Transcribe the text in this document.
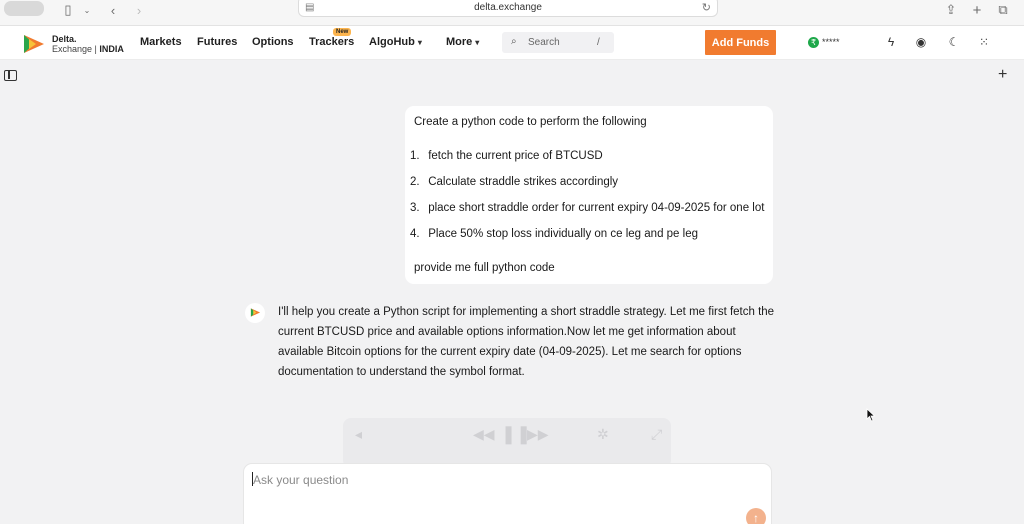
▯	⌄	‹	›	▤	delta.exchange	↻	⇪ + ⧉
Delta.
Exchange | INDIA
Markets Futures Options Trackers
New
AlgoHub ▾ More ▾	⌕ Search	/	Add Funds	₹ *****	ϟ	◉ ☾ ⁙
+
Create a python code to perform the following
1. fetch the current price of BTCUSD
2. Calculate straddle strikes accordingly
3. place short straddle order for current expiry 04-09-2025 for one lot
4. Place 50% stop loss individually on ce leg and pe leg
provide me full python code
I'll help you create a Python script for implementing a short straddle strategy. Let me first fetch the current BTCUSD price and available options information.Now let me get information about available Bitcoin options for the current expiry date (04-09-2025). Let me search for options documentation to understand the symbol format.
◂	◀◀ ❚❚
▶▶	✲	⤢
Ask your question
↑
